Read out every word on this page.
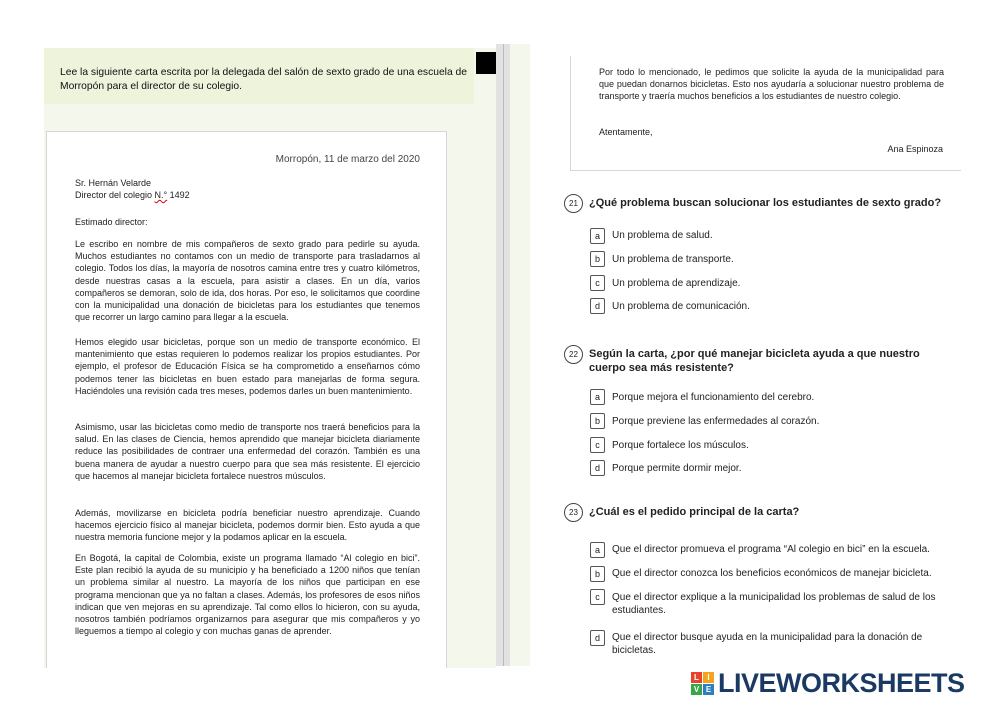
Lee la siguiente carta escrita por la delegada del salón de sexto grado de una escuela de Morropón para el director de su colegio.

Morropón, 11 de marzo del 2020
Sr. Hernán Velarde
Director del colegio N.° 1492
Estimado director:
Le escribo en nombre de mis compañeros de sexto grado para pedirle su ayuda. Muchos estudiantes no contamos con un medio de transporte para trasladarnos al colegio. Todos los días, la mayoría de nosotros camina entre tres y cuatro kilómetros, desde nuestras casas a la escuela, para asistir a clases. En un día, varios compañeros se demoran, solo de ida, dos horas. Por eso, le solicitamos que coordine con la municipalidad una donación de bicicletas para los estudiantes que tenemos que recorrer un largo camino para llegar a la escuela.
Hemos elegido usar bicicletas, porque son un medio de transporte económico. El mantenimiento que estas requieren lo podemos realizar los propios estudiantes. Por ejemplo, el profesor de Educación Física se ha comprometido a enseñarnos cómo podemos tener las bicicletas en buen estado para manejarlas de forma segura. Haciéndoles una revisión cada tres meses, podemos darles un buen mantenimiento.
Asimismo, usar las bicicletas como medio de transporte nos traerá beneficios para la salud. En las clases de Ciencia, hemos aprendido que manejar bicicleta diariamente reduce las posibilidades de contraer una enfermedad del corazón. También es una buena manera de ayudar a nuestro cuerpo para que sea más resistente. El ejercicio que hacemos al manejar bicicleta fortalece nuestros músculos.
Además, movilizarse en bicicleta podría beneficiar nuestro aprendizaje. Cuando hacemos ejercicio físico al manejar bicicleta, podemos dormir bien. Esto ayuda a que nuestra memoria funcione mejor y la podamos aplicar en la escuela.
En Bogotá, la capital de Colombia, existe un programa llamado “Al colegio en bici”. Este plan recibió la ayuda de su municipio y ha beneficiado a 1200 niños que tenían un problema similar al nuestro. La mayoría de los niños que participan en ese programa mencionan que ya no faltan a clases. Además, los profesores de esos niños indican que ven mejoras en su aprendizaje. Tal como ellos lo hicieron, con su ayuda, nosotros también podríamos organizarnos para asegurar que mis compañeros y yo lleguemos a tiempo al colegio y con muchas ganas de aprender.
Por todo lo mencionado, le pedimos que solicite la ayuda de la municipalidad para que puedan donarnos bicicletas. Esto nos ayudaría a solucionar nuestro problema de transporte y traería muchos beneficios a los estudiantes de nuestro colegio.
Atentamente,
Ana Espinoza
21	¿Qué problema buscan solucionar los estudiantes de sexto grado?
a	Un problema de salud.
b	Un problema de transporte.
c	Un problema de aprendizaje.
d	Un problema de comunicación.
22	Según la carta, ¿por qué manejar bicicleta ayuda a que nuestro cuerpo sea más resistente?
a	Porque mejora el funcionamiento del cerebro.
b	Porque previene las enfermedades al corazón.
c	Porque fortalece los músculos.
d	Porque permite dormir mejor.
23	¿Cuál es el pedido principal de la carta?
a	Que el director promueva el programa “Al colegio en bici” en la escuela.
b	Que el director conozca los beneficios económicos de manejar bicicleta.
c	Que el director explique a la municipalidad los problemas de salud de los estudiantes.
d	Que el director busque ayuda en la municipalidad para la donación de bicicletas.
L	I
V E LIVEWORKSHEETS
